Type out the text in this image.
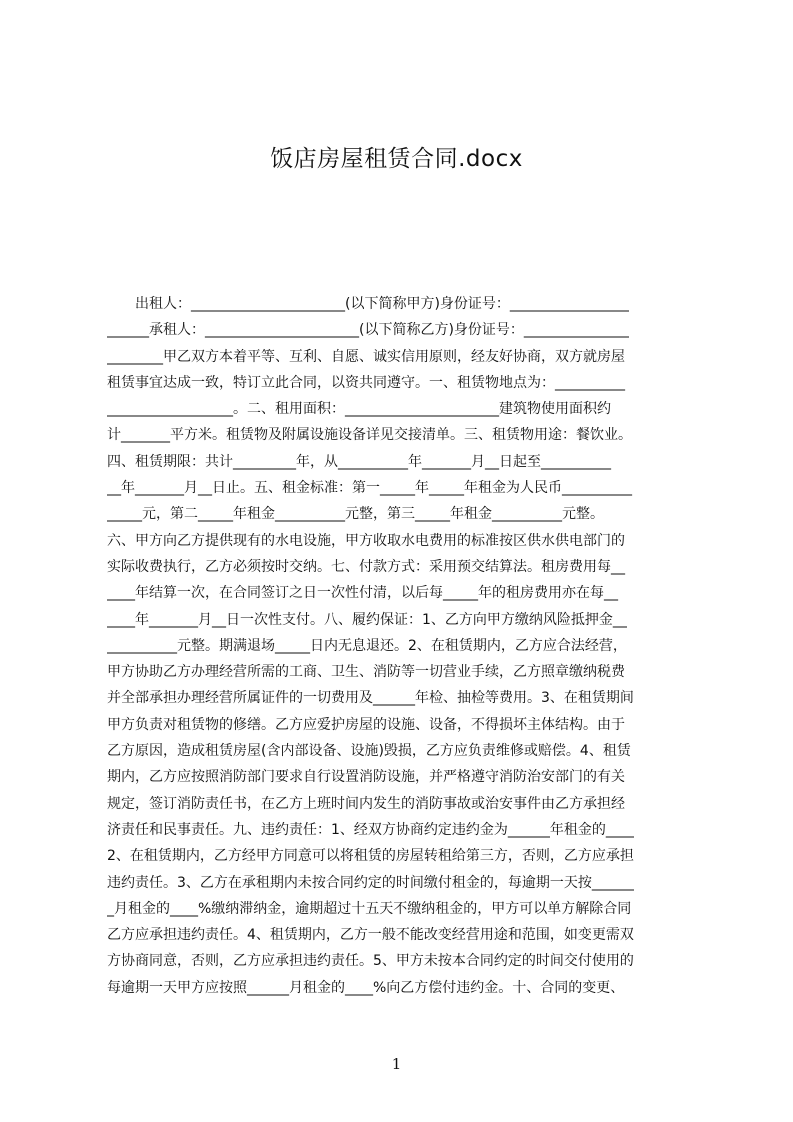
饭店房屋租赁合同.docx
　　出租人：______________________(以下简称甲方)身份证号：_________________
______承租人：______________________(以下简称乙方)身份证号：_______________
________甲乙双方本着平等、互利、自愿、诚实信用原则，经友好协商，双方就房屋
租赁事宜达成一致，特订立此合同，以资共同遵守。一、租赁物地点为：__________
__________________。二、租用面积：______________________建筑物使用面积约
计_______平方米。租赁物及附属设施设备详见交接清单。三、租赁物用途：餐饮业。
四、租赁期限：共计_________年，从__________年_______月__日起至__________
__年_______月__日止。五、租金标准：第一_____年_____年租金为人民币__________
_____元，第二_____年租金__________元整，第三_____年租金__________元整。
六、甲方向乙方提供现有的水电设施，甲方收取水电费用的标准按区供水供电部门的
实际收费执行，乙方必须按时交纳。七、付款方式：采用预交结算法。租房费用每__
____年结算一次，在合同签订之日一次性付清，以后每_____年的租房费用亦在每__
____年_______月__日一次性支付。八、履约保证：1、乙方向甲方缴纳风险抵押金__
__________元整。期满退场_____日内无息退还。2、在租赁期内，乙方应合法经营，
甲方协助乙方办理经营所需的工商、卫生、消防等一切营业手续，乙方照章缴纳税费
并全部承担办理经营所属证件的一切费用及______年检、抽检等费用。3、在租赁期间
甲方负责对租赁物的修缮。乙方应爱护房屋的设施、设备，不得损坏主体结构。由于
乙方原因，造成租赁房屋(含内部设备、设施)毁损，乙方应负责维修或赔偿。4、租赁
期内，乙方应按照消防部门要求自行设置消防设施，并严格遵守消防治安部门的有关
规定，签订消防责任书，在乙方上班时间内发生的消防事故或治安事件由乙方承担经
济责任和民事责任。九、违约责任：1、经双方协商约定违约金为______年租金的____
2、在租赁期内，乙方经甲方同意可以将租赁的房屋转租给第三方，否则，乙方应承担
违约责任。3、乙方在承租期内未按合同约定的时间缴付租金的，每逾期一天按______
_月租金的____%缴纳滞纳金，逾期超过十五天不缴纳租金的，甲方可以单方解除合同
乙方应承担违约责任。4、租赁期内，乙方一般不能改变经营用途和范围，如变更需双
方协商同意，否则，乙方应承担违约责任。5、甲方未按本合同约定的时间交付使用的
每逾期一天甲方应按照______月租金的____%向乙方偿付违约金。十、合同的变更、
1
